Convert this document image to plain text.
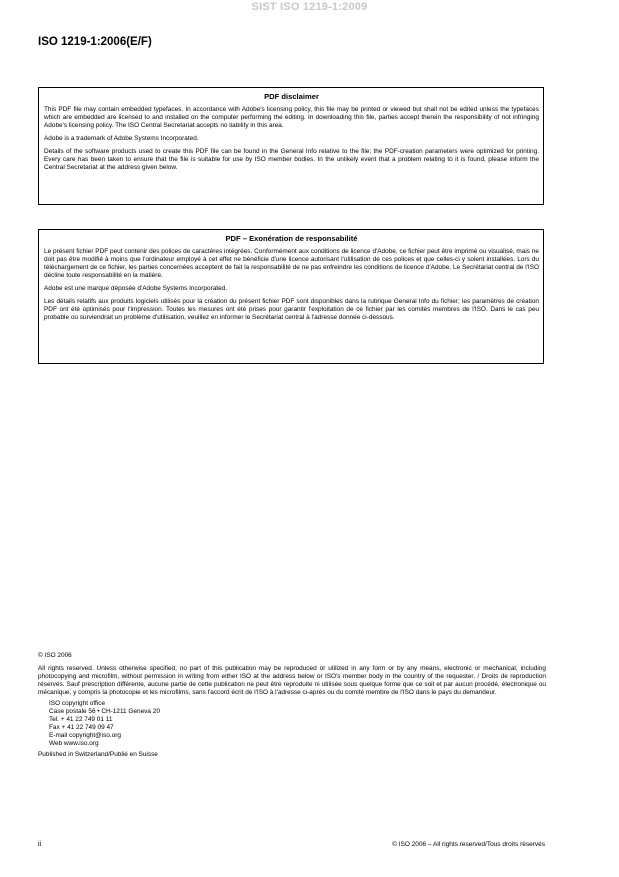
SIST ISO 1219-1:2009
ISO 1219-1:2006(E/F)
PDF disclaimer

This PDF file may contain embedded typefaces. In accordance with Adobe's licensing policy, this file may be printed or viewed but shall not be edited unless the typefaces which are embedded are licensed to and installed on the computer performing the editing. In downloading this file, parties accept therein the responsibility of not infringing Adobe's licensing policy. The ISO Central Secretariat accepts no liability in this area.

Adobe is a trademark of Adobe Systems Incorporated.

Details of the software products used to create this PDF file can be found in the General Info relative to the file; the PDF-creation parameters were optimized for printing. Every care has been taken to ensure that the file is suitable for use by ISO member bodies. In the unlikely event that a problem relating to it is found, please inform the Central Secretariat at the address given below.

PDF – Exonération de responsabilité

Le présent fichier PDF peut contenir des polices de caractères intégrées. Conformément aux conditions de licence d'Adobe, ce fichier peut être imprimé ou visualisé, mais ne doit pas être modifié à moins que l'ordinateur employé à cet effet ne bénéficie d'une licence autorisant l'utilisation de ces polices et que celles-ci y soient installées. Lors du téléchargement de ce fichier, les parties concernées acceptent de fait la responsabilité de ne pas enfreindre les conditions de licence d'Adobe. Le Secrétariat central de l'ISO décline toute responsabilité en la matière.

Adobe est une marque déposée d'Adobe Systems Incorporated.

Les détails relatifs aux produits logiciels utilisés pour la création du présent fichier PDF sont disponibles dans la rubrique General Info du fichier; les paramètres de création PDF ont été optimisés pour l'impression. Toutes les mesures ont été prises pour garantir l'exploitation de ce fichier par les comités membres de l'ISO. Dans le cas peu probable où surviendrait un problème d'utilisation, veuillez en informer le Secrétariat central à l'adresse donnée ci-dessous.

© ISO 2006

All rights reserved. Unless otherwise specified, no part of this publication may be reproduced or utilized in any form or by any means, electronic or mechanical, including photocopying and microfilm, without permission in writing from either ISO at the address below or ISO's member body in the country of the requester. / Droits de reproduction réservés. Sauf prescription différente, aucune partie de cette publication ne peut être reproduite ni utilisée sous quelque forme que ce soit et par aucun procédé, électronique ou mécanique, y compris la photocopie et les microfilms, sans l'accord écrit de l'ISO à l'adresse ci-après ou du comité membre de l'ISO dans le pays du demandeur.

ISO copyright office
Case postale 56 • CH-1211 Geneva 20
Tel. + 41 22 749 01 11
Fax + 41 22 749 09 47
E-mail copyright@iso.org
Web www.iso.org

Published in Switzerland/Publié en Suisse

ii	© ISO 2006 – All rights reserved/Tous droits réservés
